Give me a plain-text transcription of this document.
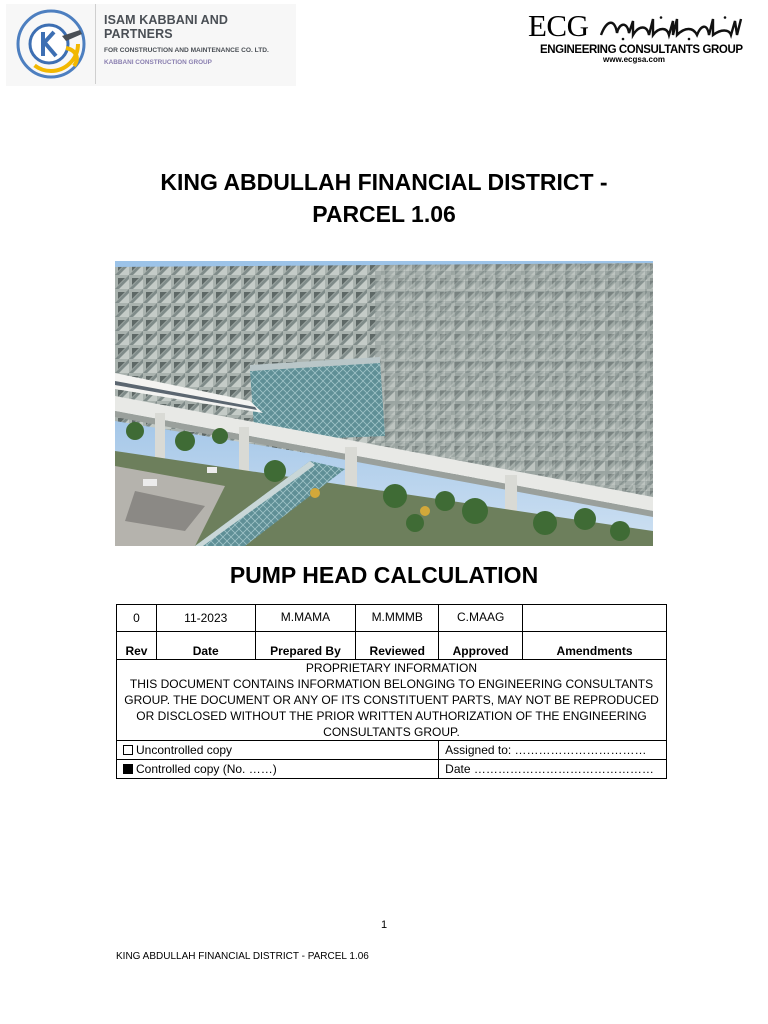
ISAM KABBANI AND PARTNERS
FOR CONSTRUCTION AND MAINTENANCE CO. LTD.
KABBANI CONSTRUCTION GROUP
ECG
ENGINEERING CONSULTANTS GROUP
www.ecgsa.com
KING ABDULLAH FINANCIAL DISTRICT -
PARCEL 1.06
PUMP HEAD CALCULATION
0	11-2023	M.MAMA	M.MMMB	C.MAAG	
Rev	Date	Prepared By	Reviewed	Approved	Amendments

PROPRIETARY INFORMATION
THIS DOCUMENT CONTAINS INFORMATION BELONGING TO ENGINEERING CONSULTANTS GROUP. THE DOCUMENT OR ANY OF ITS CONSTITUENT PARTS, MAY NOT BE REPRODUCED OR DISCLOSED WITHOUT THE PRIOR WRITTEN AUTHORIZATION OF THE ENGINEERING CONSULTANTS GROUP.					

Uncontrolled copy				Assigned to: ……………………………	
Controlled copy (No. ……)				Date ………………………………………	
1
KING ABDULLAH FINANCIAL DISTRICT - PARCEL 1.06
